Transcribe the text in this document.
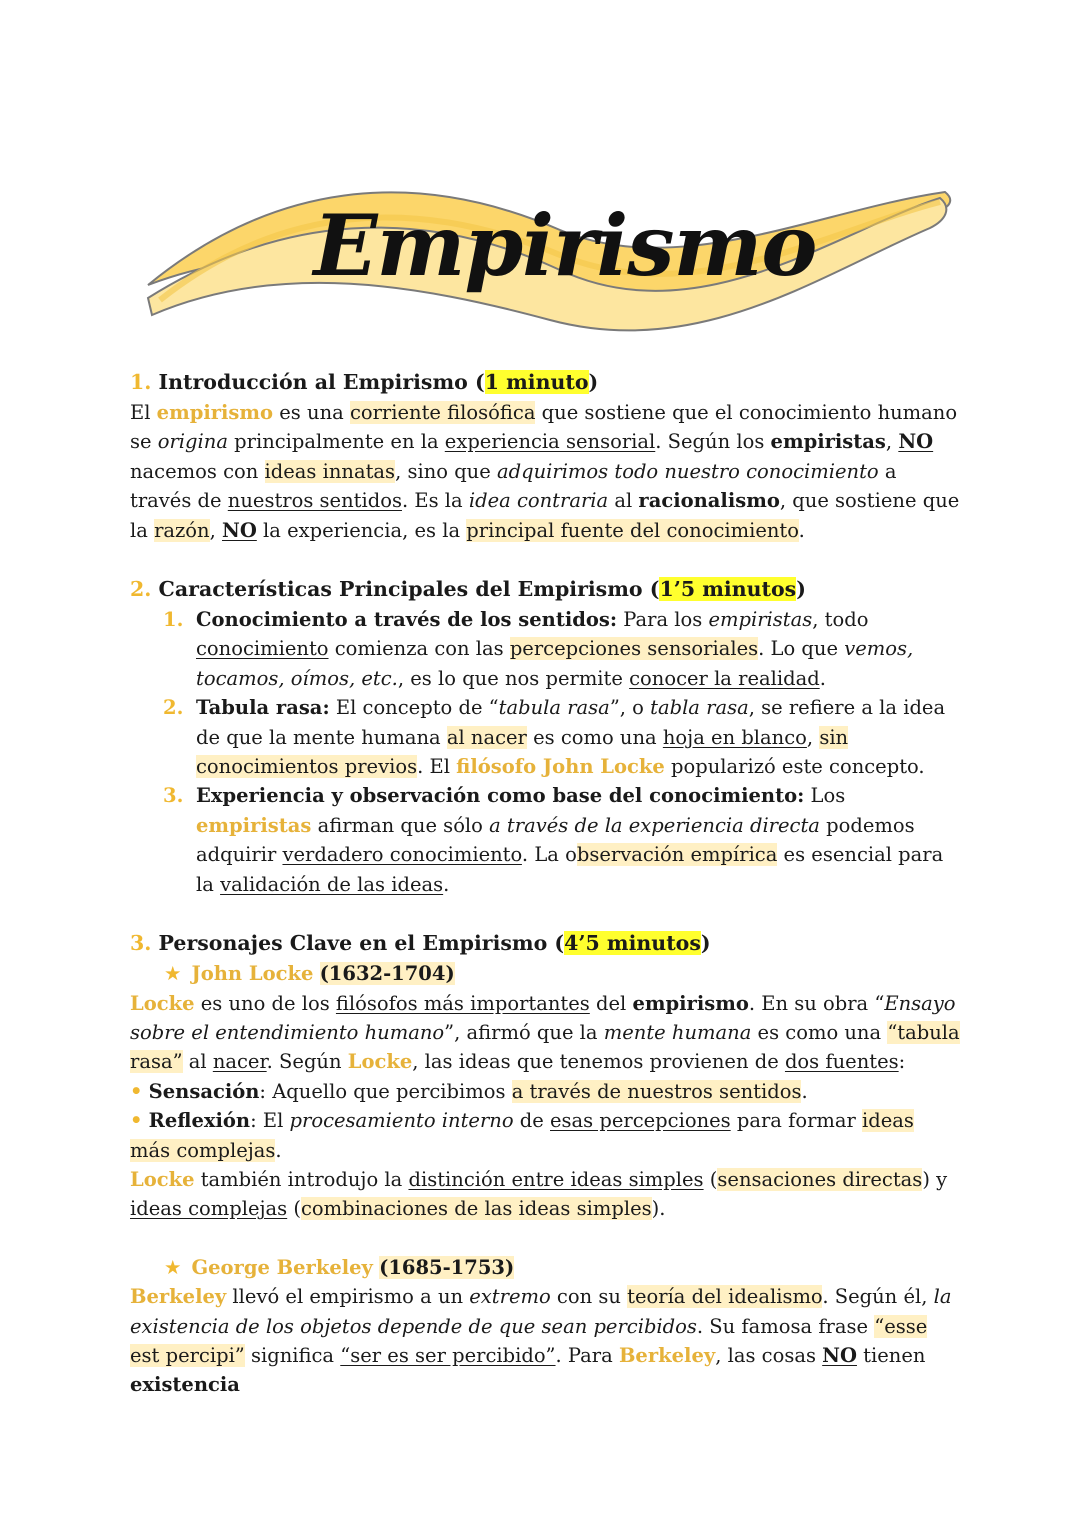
Empirismo

1. Introducción al Empirismo (1 minuto)

El empirismo es una corriente filosófica que sostiene que el conocimiento humano se origina principalmente en la experiencia sensorial. Según los empiristas, NO nacemos con ideas innatas, sino que adquirimos todo nuestro conocimiento a través de nuestros sentidos. Es la idea contraria al racionalismo, que sostiene que la razón, NO la experiencia, es la principal fuente del conocimiento.

2. Características Principales del Empirismo (1’5 minutos)

1. Conocimiento a través de los sentidos: Para los empiristas, todo conocimiento comienza con las percepciones sensoriales. Lo que vemos, tocamos, oímos, etc., es lo que nos permite conocer la realidad.

2. Tabula rasa: El concepto de “tabula rasa”, o tabla rasa, se refiere a la idea de que la mente humana al nacer es como una hoja en blanco, sin conocimientos previos. El filósofo John Locke popularizó este concepto.

3. Experiencia y observación como base del conocimiento: Los empiristas afirman que sólo a través de la experiencia directa podemos adquirir verdadero conocimiento. La observación empírica es esencial para la validación de las ideas.

3. Personajes Clave en el Empirismo (4’5 minutos)

★ John Locke (1632-1704)

Locke es uno de los filósofos más importantes del empirismo. En su obra “Ensayo sobre el entendimiento humano”, afirmó que la mente humana es como una “tabula rasa” al nacer. Según Locke, las ideas que tenemos provienen de dos fuentes:

• Sensación: Aquello que percibimos a través de nuestros sentidos.

• Reflexión: El procesamiento interno de esas percepciones para formar ideas más complejas.

Locke también introdujo la distinción entre ideas simples (sensaciones directas) y ideas complejas (combinaciones de las ideas simples).

★ George Berkeley (1685-1753)

Berkeley llevó el empirismo a un extremo con su teoría del idealismo. Según él, la existencia de los objetos depende de que sean percibidos. Su famosa frase “esse est percipi” significa “ser es ser percibido”. Para Berkeley, las cosas NO tienen existencia
